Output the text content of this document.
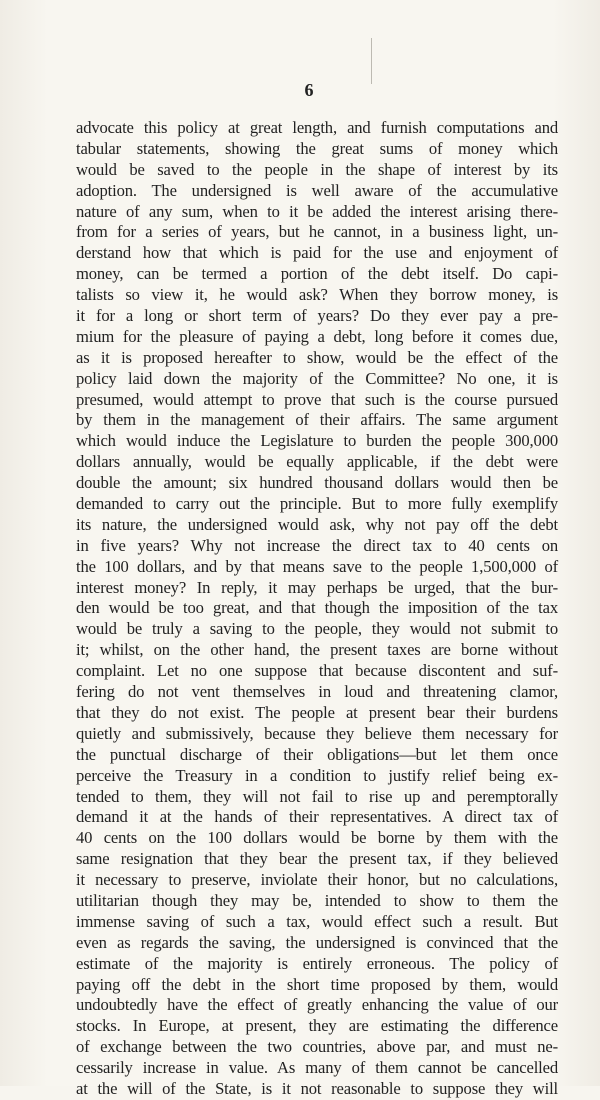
6
advocate this policy at great length, and furnish computations and
tabular statements, showing the great sums of money which
would be saved to the people in the shape of interest by its
adoption. The undersigned is well aware of the accumulative
nature of any sum, when to it be added the interest arising there-
from for a series of years, but he cannot, in a business light, un-
derstand how that which is paid for the use and enjoyment of
money, can be termed a portion of the debt itself. Do capi-
talists so view it, he would ask? When they borrow money, is
it for a long or short term of years? Do they ever pay a pre-
mium for the pleasure of paying a debt, long before it comes due,
as it is proposed hereafter to show, would be the effect of the
policy laid down the majority of the Committee? No one, it is
presumed, would attempt to prove that such is the course pursued
by them in the management of their affairs. The same argument
which would induce the Legislature to burden the people 300,000
dollars annually, would be equally applicable, if the debt were
double the amount; six hundred thousand dollars would then be
demanded to carry out the principle. But to more fully exemplify
its nature, the undersigned would ask, why not pay off the debt
in five years? Why not increase the direct tax to 40 cents on
the 100 dollars, and by that means save to the people 1,500,000 of
interest money? In reply, it may perhaps be urged, that the bur-
den would be too great, and that though the imposition of the tax
would be truly a saving to the people, they would not submit to
it; whilst, on the other hand, the present taxes are borne without
complaint. Let no one suppose that because discontent and suf-
fering do not vent themselves in loud and threatening clamor,
that they do not exist. The people at present bear their burdens
quietly and submissively, because they believe them necessary for
the punctual discharge of their obligations—but let them once
perceive the Treasury in a condition to justify relief being ex-
tended to them, they will not fail to rise up and peremptorally
demand it at the hands of their representatives. A direct tax of
40 cents on the 100 dollars would be borne by them with the
same resignation that they bear the present tax, if they believed
it necessary to preserve, inviolate their honor, but no calculations,
utilitarian though they may be, intended to show to them the
immense saving of such a tax, would effect such a result. But
even as regards the saving, the undersigned is convinced that the
estimate of the majority is entirely erroneous. The policy of
paying off the debt in the short time proposed by them, would
undoubtedly have the effect of greatly enhancing the value of our
stocks. In Europe, at present, they are estimating the difference
of exchange between the two countries, above par, and must ne-
cessarily increase in value. As many of them cannot be cancelled
at the will of the State, is it not reasonable to suppose they will
